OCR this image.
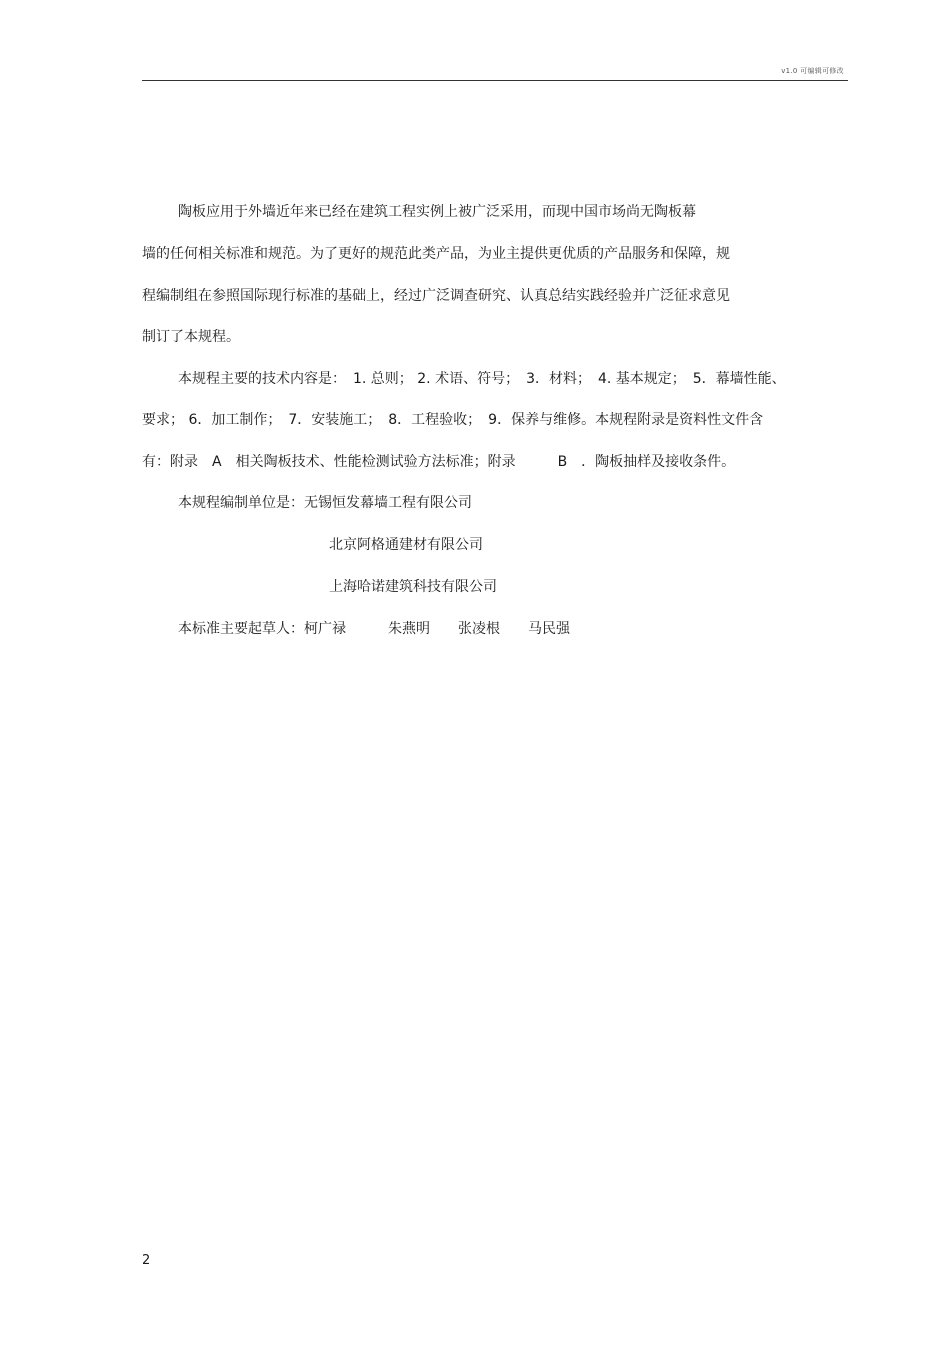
v1.0 可编辑可修改
陶板应用于外墙近年来已经在建筑工程实例上被广泛采用，而现中国市场尚无陶板幕
墙的任何相关标准和规范。为了更好的规范此类产品，为业主提供更优质的产品服务和保障，规
程编制组在参照国际现行标准的基础上，经过广泛调查研究、认真总结实践经验并广泛征求意见
制订了本规程。
本规程主要的技术内容是：　1. 总则； 2. 术语、符号；　3．材料；　4. 基本规定；　5．幕墙性能、
要求； 6．加工制作；　7．安装施工；　8．工程验收；　9．保养与维修。本规程附录是资料性文件含
有：附录　A　相关陶板技术、性能检测试验方法标准；附录　　　B　．陶板抽样及接收条件。
本规程编制单位是：无锡恒发幕墙工程有限公司
北京阿格通建材有限公司
上海哈诺建筑科技有限公司
本标准主要起草人：柯广禄　　　朱燕明　　张凌根　　马民强
2
